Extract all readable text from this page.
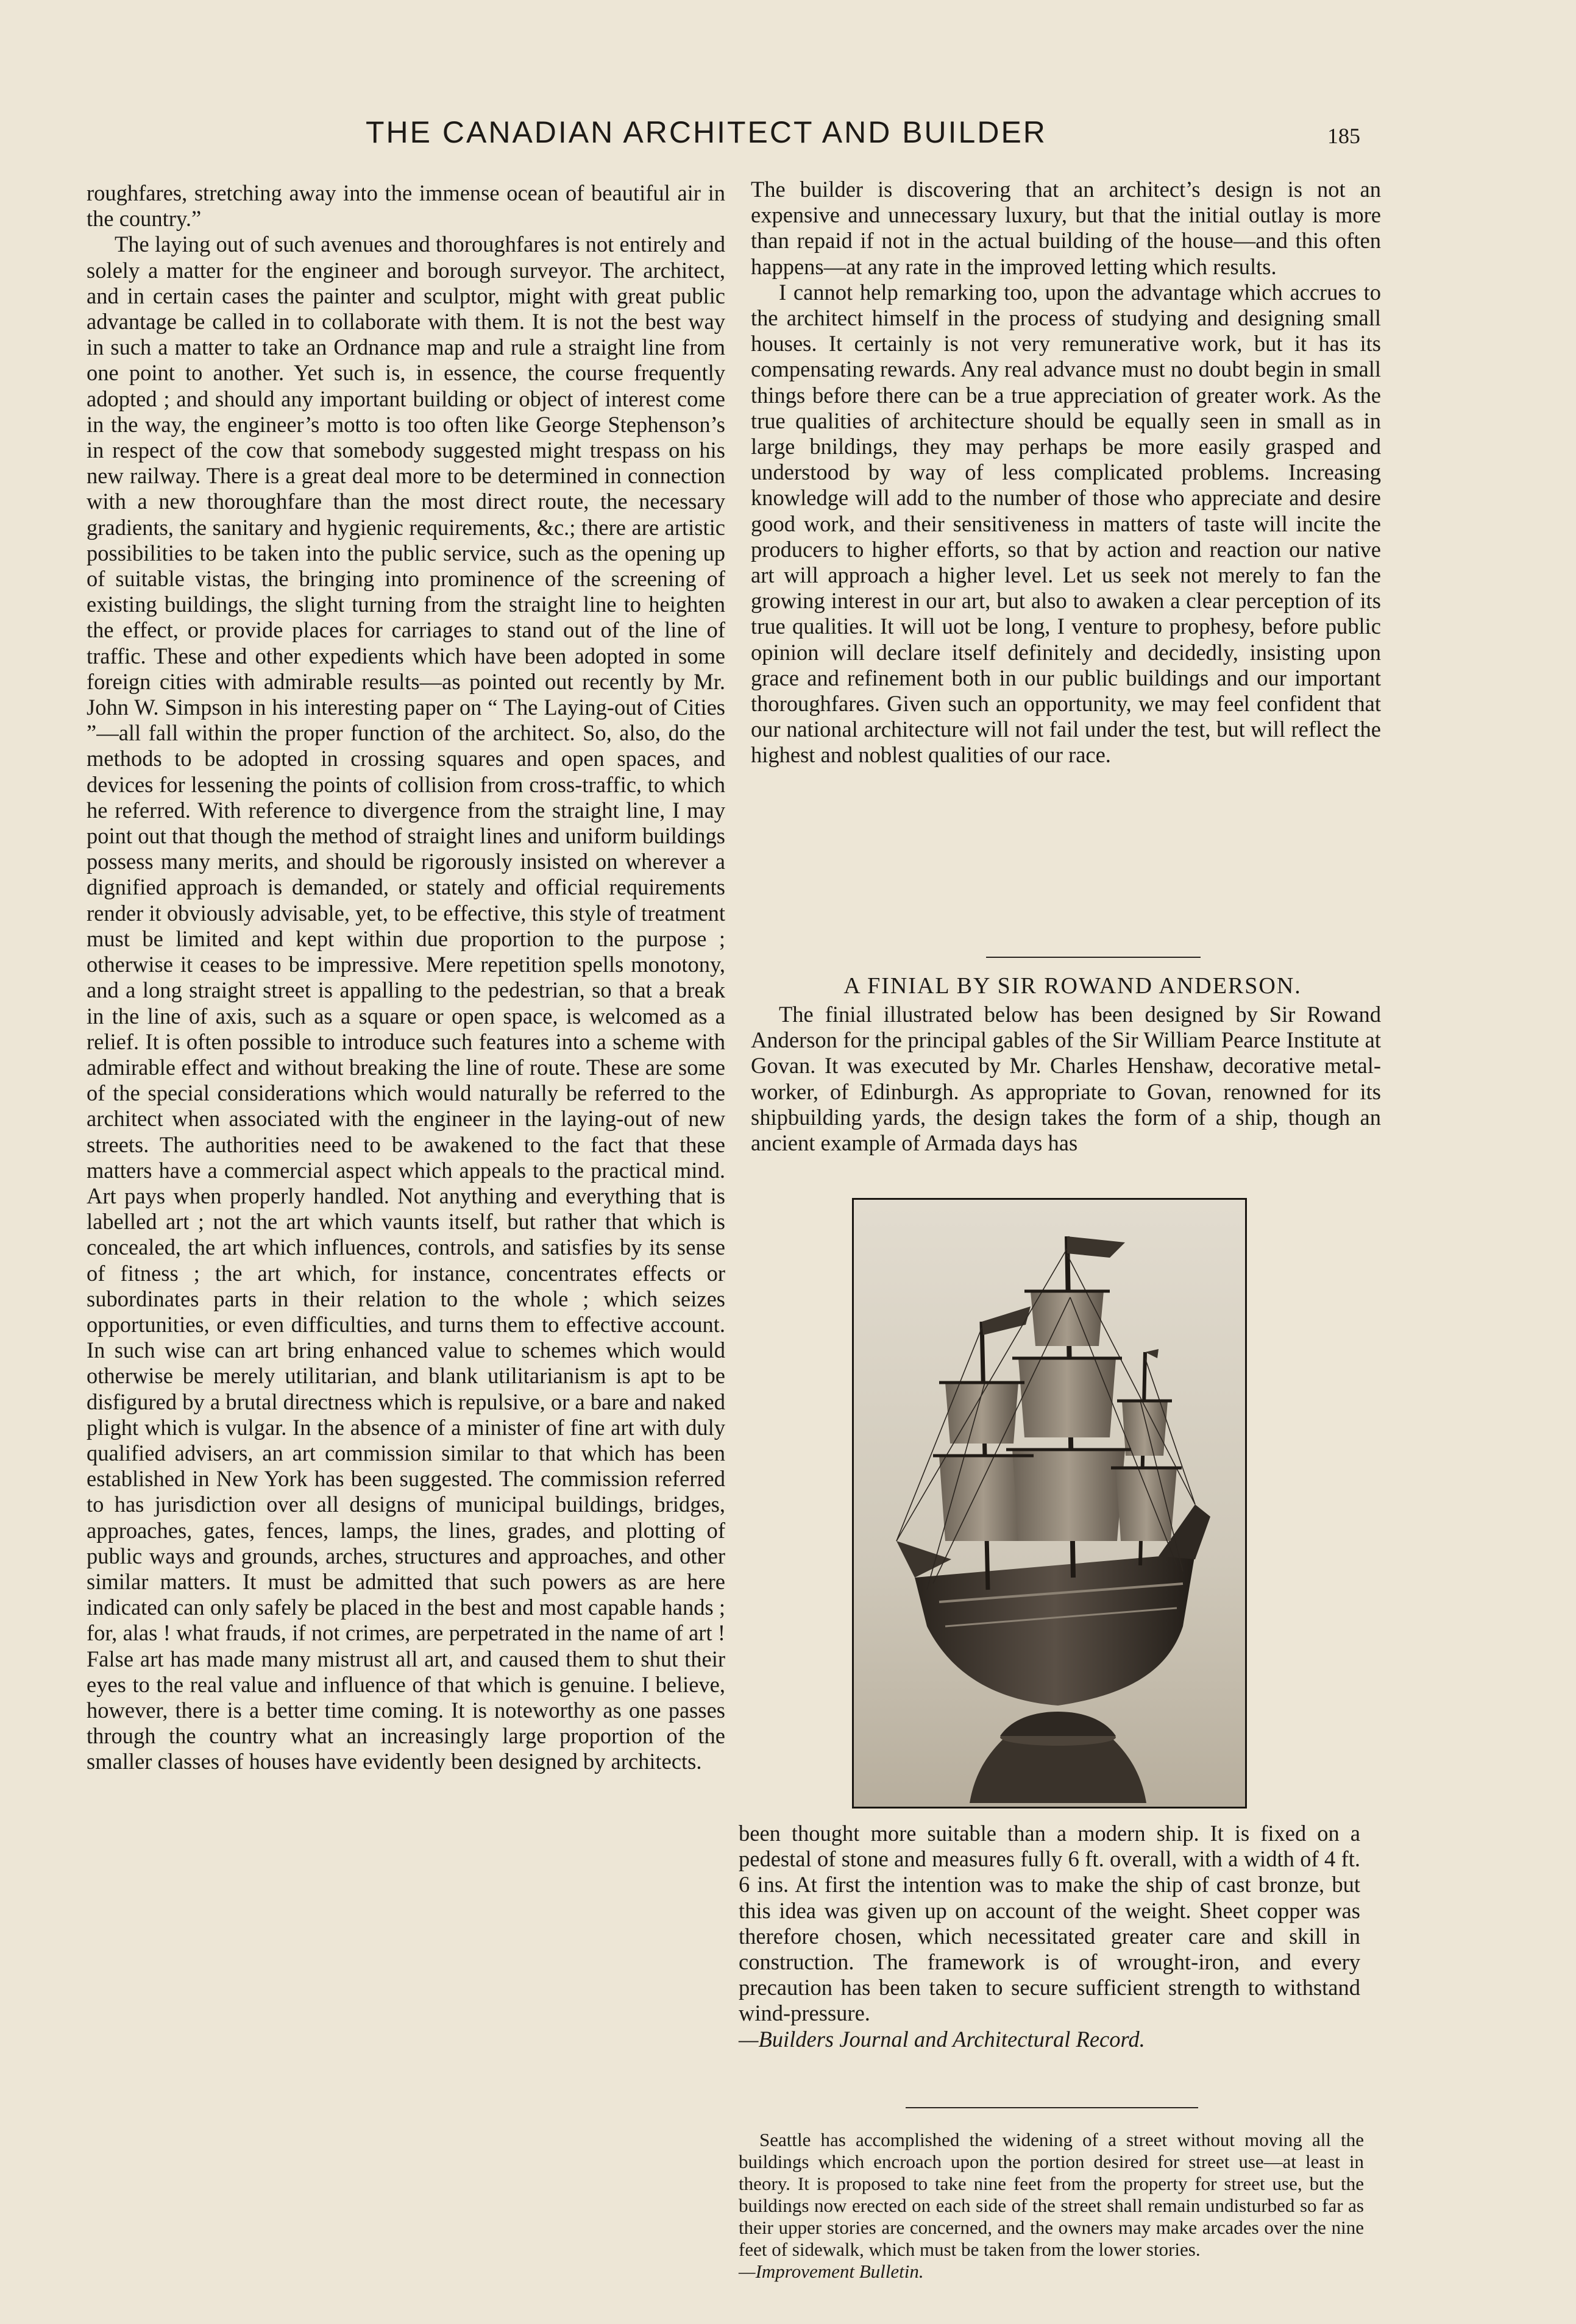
THE CANADIAN ARCHITECT AND BUILDER	185

roughfares, stretching away into the immense ocean of beautiful air in the country.”

The laying out of such avenues and thoroughfares is not entirely and solely a matter for the engineer and borough surveyor. The architect, and in certain cases the painter and sculptor, might with great public advantage be called in to collaborate with them. It is not the best way in such a matter to take an Ordnance map and rule a straight line from one point to another. Yet such is, in essence, the course frequently adopted ; and should any important building or object of interest come in the way, the engineer’s motto is too often like George Stephenson’s in respect of the cow that somebody suggested might trespass on his new railway. There is a great deal more to be determined in connection with a new thoroughfare than the most direct route, the necessary gradients, the sanitary and hygienic requirements, &c.; there are artistic possibilities to be taken into the public service, such as the opening up of suitable vistas, the bringing into prominence of the screening of existing buildings, the slight turning from the straight line to heighten the effect, or provide places for carriages to stand out of the line of traffic. These and other expedients which have been adopted in some foreign cities with admirable results—as pointed out recently by Mr. John W. Simpson in his interesting paper on “ The Laying-out of Cities ”—all fall within the proper function of the architect. So, also, do the methods to be adopted in crossing squares and open spaces, and devices for lessening the points of collision from cross-traffic, to which he referred. With reference to divergence from the straight line, I may point out that though the method of straight lines and uniform buildings possess many merits, and should be rigorously insisted on wherever a dignified approach is demanded, or stately and official requirements render it obviously advisable, yet, to be effective, this style of treatment must be limited and kept within due proportion to the purpose ; otherwise it ceases to be impressive. Mere repetition spells monotony, and a long straight street is appalling to the pedestrian, so that a break in the line of axis, such as a square or open space, is welcomed as a relief. It is often possible to introduce such features into a scheme with admirable effect and without breaking the line of route. These are some of the special considerations which would naturally be referred to the architect when associated with the engineer in the laying-out of new streets. The authorities need to be awakened to the fact that these matters have a commercial aspect which appeals to the practical mind. Art pays when properly handled. Not anything and everything that is labelled art ; not the art which vaunts itself, but rather that which is concealed, the art which influences, controls, and satisfies by its sense of fitness ; the art which, for instance, concentrates effects or subordinates parts in their relation to the whole ; which seizes opportunities, or even difficulties, and turns them to effective account. In such wise can art bring enhanced value to schemes which would otherwise be merely utilitarian, and blank utilitarianism is apt to be disfigured by a brutal directness which is repulsive, or a bare and naked plight which is vulgar. In the absence of a minister of fine art with duly qualified advisers, an art commission similar to that which has been established in New York has been suggested. The commission referred to has jurisdiction over all designs of municipal buildings, bridges, approaches, gates, fences, lamps, the lines, grades, and plotting of public ways and grounds, arches, structures and approaches, and other similar matters. It must be admitted that such powers as are here indicated can only safely be placed in the best and most capable hands ; for, alas ! what frauds, if not crimes, are perpetrated in the name of art ! False art has made many mistrust all art, and caused them to shut their eyes to the real value and influence of that which is genuine. I believe, however, there is a better time coming. It is noteworthy as one passes through the country what an increasingly large proportion of the smaller classes of houses have evidently been designed by architects.

The builder is discovering that an architect’s design is not an expensive and unnecessary luxury, but that the initial outlay is more than repaid if not in the actual building of the house—and this often happens—at any rate in the improved letting which results.

I cannot help remarking too, upon the advantage which accrues to the architect himself in the process of studying and designing small houses. It certainly is not very remunerative work, but it has its compensating rewards. Any real advance must no doubt begin in small things before there can be a true appreciation of greater work. As the true qualities of architecture should be equally seen in small as in large bnildings, they may perhaps be more easily grasped and understood by way of less complicated problems. Increasing knowledge will add to the number of those who appreciate and desire good work, and their sensitiveness in matters of taste will incite the producers to higher efforts, so that by action and reaction our native art will approach a higher level. Let us seek not merely to fan the growing interest in our art, but also to awaken a clear perception of its true qualities. It will uot be long, I venture to prophesy, before public opinion will declare itself definitely and decidedly, insisting upon grace and refinement both in our public buildings and our important thoroughfares. Given such an opportunity, we may feel confident that our national architecture will not fail under the test, but will reflect the highest and noblest qualities of our race.

A FINIAL BY SIR ROWAND ANDERSON.

The finial illustrated below has been designed by Sir Rowand Anderson for the principal gables of the Sir William Pearce Institute at Govan. It was executed by Mr. Charles Henshaw, decorative metal-worker, of Edinburgh. As appropriate to Govan, renowned for its shipbuilding yards, the design takes the form of a ship, though an ancient example of Armada days has

been thought more suitable than a modern ship. It is fixed on a pedestal of stone and measures fully 6 ft. overall, with a width of 4 ft. 6 ins. At first the intention was to make the ship of cast bronze, but this idea was given up on account of the weight. Sheet copper was therefore chosen, which necessitated greater care and skill in construction. The framework is of wrought-iron, and every precaution has been taken to secure sufficient strength to withstand wind-pressure.

—Builders Journal and Architectural Record.

Seattle has accomplished the widening of a street without moving all the buildings which encroach upon the portion desired for street use—at least in theory. It is proposed to take nine feet from the property for street use, but the buildings now erected on each side of the street shall remain undisturbed so far as their upper stories are concerned, and the owners may make arcades over the nine feet of sidewalk, which must be taken from the lower stories.

—Improvement Bulletin.
